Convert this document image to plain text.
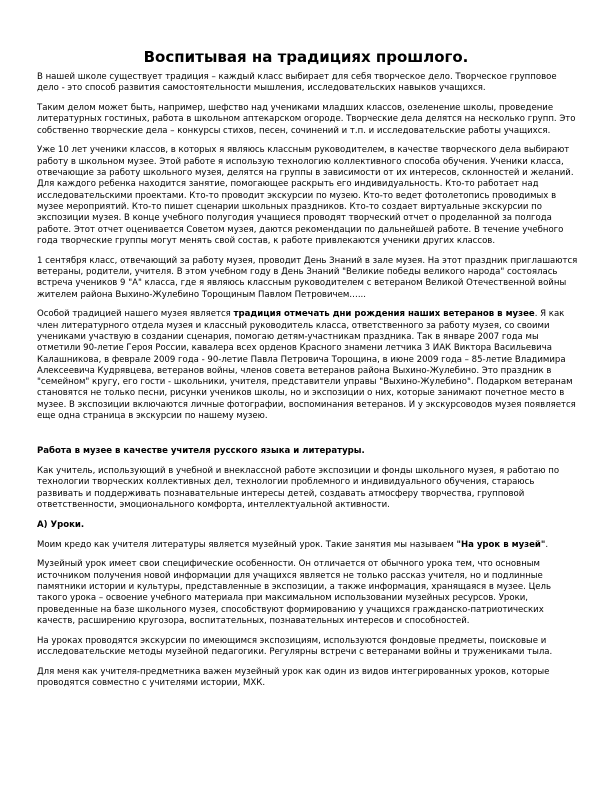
Воспитывая на традициях прошлого.

В нашей школе существует традиция – каждый класс выбирает для себя творческое дело. Творческое групповое дело - это способ развития самостоятельности мышления, исследовательских навыков учащихся.

Таким делом может быть, например, шефство над учениками младших классов, озеленение школы, проведение литературных гостиных, работа в школьном аптекарском огороде. Творческие дела делятся на несколько групп. Это собственно творческие дела – конкурсы стихов, песен, сочинений и т.п. и исследовательские работы учащихся.

Уже 10 лет ученики классов, в которых я являюсь классным руководителем, в качестве творческого дела выбирают работу в школьном музее. Этой работе я использую технологию коллективного способа обучения. Ученики класса, отвечающие за работу школьного музея, делятся на группы в зависимости от их интересов, склонностей и желаний. Для каждого ребенка находится занятие, помогающее раскрыть его индивидуальность. Кто-то работает над исследовательскими проектами. Кто-то проводит экскурсии по музею. Кто-то ведет фотолетопись проводимых в музее мероприятий. Кто-то пишет сценарии школьных праздников. Кто-то создает виртуальные экскурсии по экспозиции музея. В конце учебного полугодия учащиеся проводят творческий отчет о проделанной за полгода работе. Этот отчет оценивается Советом музея, даются рекомендации по дальнейшей работе. В течение учебного года творческие группы могут менять свой состав, к работе привлекаются ученики других классов.

1 сентября класс, отвечающий за работу музея, проводит День Знаний в зале музея. На этот праздник приглашаются ветераны, родители, учителя. В этом учебном году в День Знаний "Великие победы великого народа" состоялась встреча учеников 9 "А" класса, где я являюсь классным руководителем с ветераном Великой Отечественной войны жителем района Выхино-Жулебино Торощиным Павлом Петровичем…...

Особой традицией нашего музея является традиция отмечать дни рождения наших ветеранов в музее. Я как член литературного отдела музея и классный руководитель класса, ответственного за работу музея, со своими учениками участвую в создании сценария, помогаю детям-участникам праздника. Так в январе 2007 года мы отметили 90-летие Героя России, кавалера всех орденов Красного знамени летчика 3 ИАК Виктора Васильевича Калашникова, в феврале 2009 года - 90-летие Павла Петровича Торощина, в июне 2009 года – 85-летие Владимира Алексеевича Кудрявцева, ветеранов войны, членов совета ветеранов района Выхино-Жулебино. Это праздник в "семейном" кругу, его гости - школьники, учителя, представители управы "Выхино-Жулебино". Подарком ветеранам становятся не только песни, рисунки учеников школы, но и экспозиции о них, которые занимают почетное место в музее. В экспозиции включаются личные фотографии, воспоминания ветеранов. И у экскурсоводов музея появляется еще одна страница в экскурсии по нашему музею.

Работа в музее в качестве учителя русского языка и литературы.

Как учитель, использующий в учебной и внеклассной работе экспозиции и фонды школьного музея, я работаю по технологии творческих коллективных дел, технологии проблемного и индивидуального обучения, стараюсь развивать и поддерживать познавательные интересы детей, создавать атмосферу творчества, групповой ответственности, эмоционального комфорта, интеллектуальной активности.

А) Уроки.

Моим кредо как учителя литературы является музейный урок. Такие занятия мы называем "На урок в музей".

Музейный урок имеет свои специфические особенности. Он отличается от обычного урока тем, что основным источником получения новой информации для учащихся является не только рассказ учителя, но и подлинные памятники истории и культуры, представленные в экспозиции, а также информация, хранящаяся в музее. Цель такого урока – освоение учебного материала при максимальном использовании музейных ресурсов. Уроки, проведенные на базе школьного музея, способствуют формированию у учащихся гражданско-патриотических качеств, расширению кругозора, воспитательных, познавательных интересов и способностей.

На уроках проводятся экскурсии по имеющимся экспозициям, используются фондовые предметы, поисковые и исследовательские методы музейной педагогики. Регулярны встречи с ветеранами войны и тружениками тыла.

Для меня как учителя-предметника важен музейный урок как один из видов интегрированных уроков, которые проводятся совместно с учителями истории, МХК.
